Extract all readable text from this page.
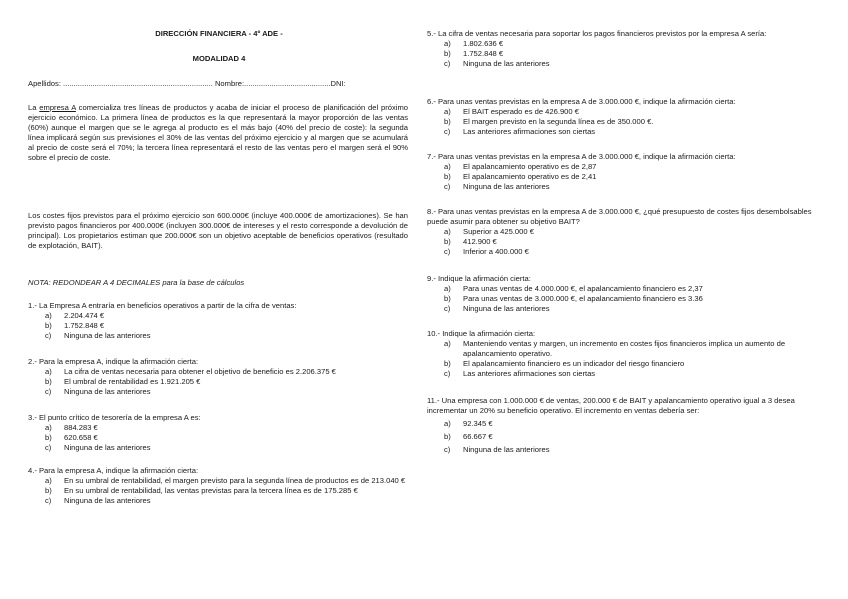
DIRECCIÓN FINANCIERA - 4º ADE -
MODALIDAD 4
Apellidos: ....................................................................... Nombre:.........................................DNI:
La empresa A comercializa tres líneas de productos y acaba de iniciar el proceso de planificación del próximo ejercicio económico. La primera línea de productos es la que representará la mayor proporción de las ventas (60%) aunque el margen que se le agrega al producto es el más bajo (40% del precio de coste): la segunda línea implicará según sus previsiones el 30% de las ventas del próximo ejercicio y al margen que se acumulará al precio de coste será el 70%; la tercera línea representará el resto de las ventas pero el margen será el 90% sobre el precio de coste.
Los costes fijos previstos para el próximo ejercicio son 600.000€ (incluye 400.000€ de amortizaciones). Se han previsto pagos financieros por 400.000€ (incluyen 300.000€ de intereses y el resto corresponde a devolución de principal). Los propietarios estiman que 200.000€ son un objetivo aceptable de beneficios operativos (resultado de explotación, BAIT).
NOTA: REDONDEAR A 4 DECIMALES para la base de cálculos
1.- La Empresa A entraría en beneficios operativos a partir de la cifra de ventas:
a)	2.204.474 €
b)	1.752.848 €
c)	Ninguna de las anteriores
2.- Para la empresa A, indique la afirmación cierta:
a)	La cifra de ventas necesaria para obtener el objetivo de beneficio es 2.206.375 €
b)	El umbral de rentabilidad es 1.921.205 €
c)	Ninguna de las anteriores
3.- El punto crítico de tesorería de la empresa A es:
a)	884.283 €
b)	620.658 €
c)	Ninguna de las anteriores
4.- Para la empresa A, indique la afirmación cierta:
a)	En su umbral de rentabilidad, el margen previsto para la segunda línea de productos es de 213.040 €
b)	En su umbral de rentabilidad, las ventas previstas para la tercera línea es de 175.285 €
c)	Ninguna de las anteriores
5.- La cifra de ventas necesaria para soportar los pagos financieros previstos por la empresa A sería:
a)	1.802.636 €
b)	1.752.848 €
c)	Ninguna de las anteriores
6.- Para unas ventas previstas en la empresa A de 3.000.000 €, indique la afirmación cierta:
a)	El BAIT esperado es de 426.900 €
b)	El margen previsto en la segunda línea es de 350.000 €.
c)	Las anteriores afirmaciones son ciertas
7.- Para unas ventas previstas en la empresa A de 3.000.000 €, indique la afirmación cierta:
a)	El apalancamiento operativo es de 2,87
b)	El apalancamiento operativo es de 2,41
c)	Ninguna de las anteriores
8.- Para unas ventas previstas en la empresa A de 3.000.000 €, ¿qué presupuesto de costes fijos desembolsables puede asumir para obtener su objetivo BAIT?
a)	Superior a 425.000 €
b)	412.900 €
c)	Inferior a 400.000 €
9.- Indique la afirmación cierta:
a)	Para unas ventas de 4.000.000 €, el apalancamiento financiero es 2,37
b)	Para unas ventas de 3.000.000 €, el apalancamiento financiero es 3.36
c)	Ninguna de las anteriores
10.- Indique la afirmación cierta:
a)	Manteniendo ventas y margen, un incremento en costes fijos financieros implica un aumento de apalancamiento operativo.
b)	El apalancamiento financiero es un indicador del riesgo financiero
c)	Las anteriores afirmaciones son ciertas
11.- Una empresa con 1.000.000 € de ventas, 200.000 € de BAIT y apalancamiento operativo igual a 3 desea incrementar un 20% su beneficio operativo. El incremento en ventas debería ser:
a)	92.345 €
b)	66.667 €
c)	Ninguna de las anteriores
